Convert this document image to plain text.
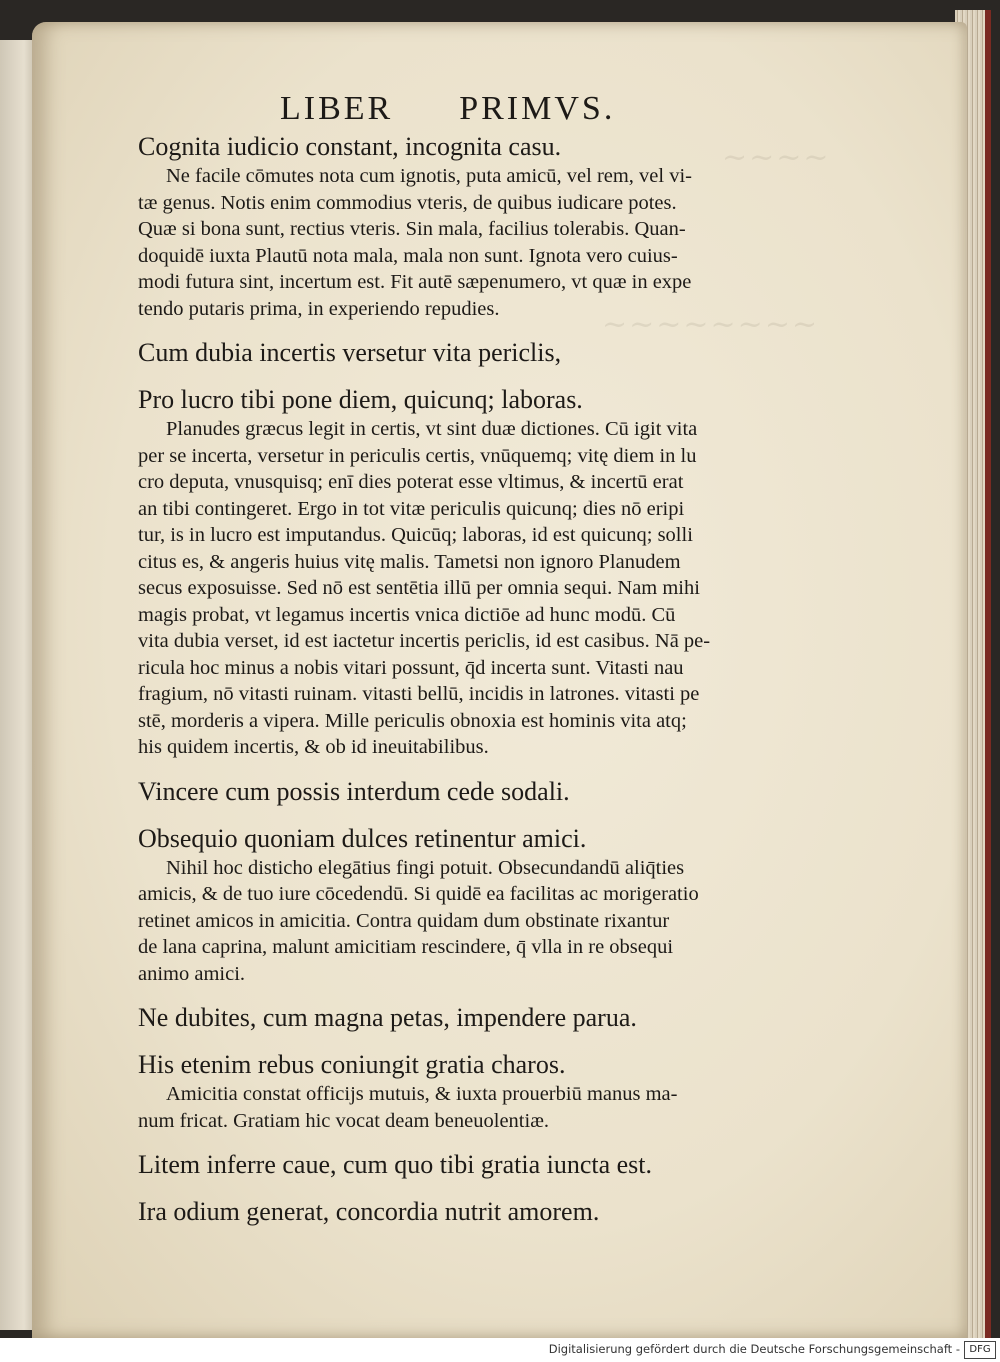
~~~~
~~~~~~~~
LIBER PRIMVS.

Cognita iudicio constant, incognita casu.

Ne facile cōmutes nota cum ignotis, puta amicū, vel rem, vel vi-
tæ genus. Notis enim commodius vteris, de quibus iudicare potes.
Quæ si bona sunt, rectius vteris. Sin mala, facilius tolerabis. Quan-
doquidē iuxta Plautū nota mala, mala non sunt. Ignota vero cuius-
modi futura sint, incertum est. Fit autē sæpenumero, vt quæ in expe
tendo putaris prima, in experiendo repudies.

Cum dubia incertis versetur vita periclis,

Pro lucro tibi pone diem, quicunq; laboras.

Planudes græcus legit in certis, vt sint duæ dictiones. Cū igit vita
per se incerta, versetur in periculis certis, vnūquemq; vitę diem in lu
cro deputa, vnusquisq; enī dies poterat esse vltimus, & incertū erat
an tibi contingeret. Ergo in tot vitæ periculis quicunq; dies nō eripi
tur, is in lucro est imputandus. Quicūq; laboras, id est quicunq; solli
citus es, & angeris huius vitę malis. Tametsi non ignoro Planudem
secus exposuisse. Sed nō est sentētia illū per omnia sequi. Nam mihi
magis probat, vt legamus incertis vnica dictiōe ad hunc modū. Cū
vita dubia verset, id est iactetur incertis periclis, id est casibus. Nā pe-
ricula hoc minus a nobis vitari possunt, q̄d incerta sunt. Vitasti nau
fragium, nō vitasti ruinam. vitasti bellū, incidis in latrones. vitasti pe
stē, morderis a vipera. Mille periculis obnoxia est hominis vita atq;
his quidem incertis, & ob id ineuitabilibus.

Vincere cum possis interdum cede sodali.

Obsequio quoniam dulces retinentur amici.

Nihil hoc disticho elegātius fingi potuit. Obsecundandū aliq̄ties
amicis, & de tuo iure cōcedendū. Si quidē ea facilitas ac morigeratio
retinet amicos in amicitia. Contra quidam dum obstinate rixantur
de lana caprina, malunt amicitiam rescindere, q̄ vlla in re obsequi
animo amici.

Ne dubites, cum magna petas, impendere parua.

His etenim rebus coniungit gratia charos.

Amicitia constat officijs mutuis, & iuxta prouerbiū manus ma-
num fricat. Gratiam hic vocat deam beneuolentiæ.

Litem inferre caue, cum quo tibi gratia iuncta est.

Ira odium generat, concordia nutrit amorem.

Digitalisierung gefördert durch die Deutsche Forschungsgemeinschaft - DFG
